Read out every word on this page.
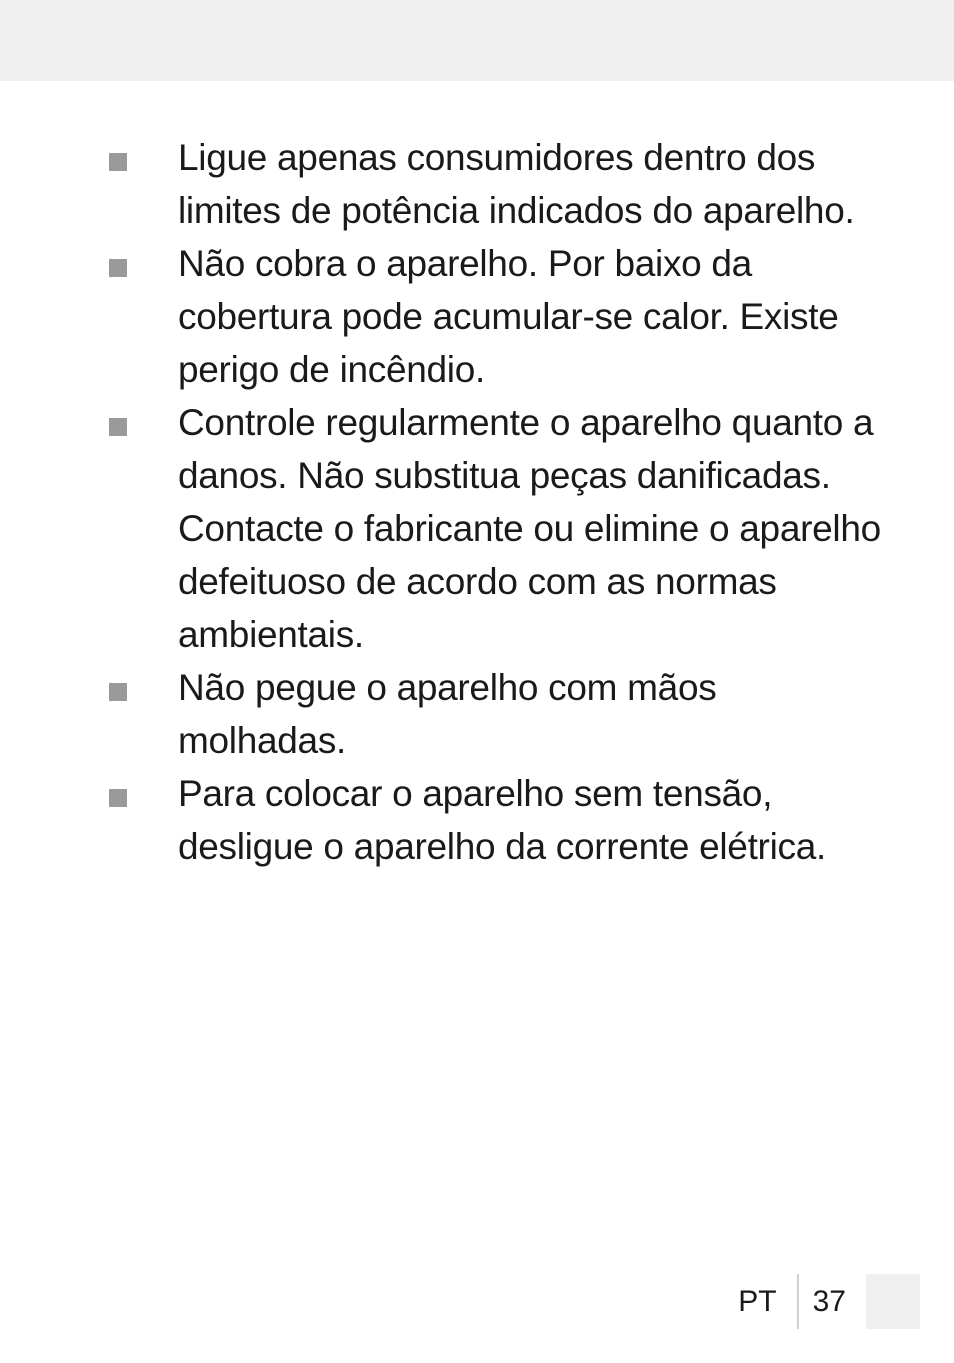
Ligue apenas consumidores dentro dos limites de potência indicados do aparelho.
Não cobra o aparelho. Por baixo da cobertura pode acumular-se calor. Existe perigo de incêndio.
Controle regularmente o aparelho quanto a danos. Não substitua peças danificadas. Contacte o fabricante ou elimine o aparelho defeituoso de acordo com as normas ambientais.
Não pegue o aparelho com mãos molhadas.
Para colocar o aparelho sem tensão, desligue o aparelho da corrente elétrica.
PT	37
